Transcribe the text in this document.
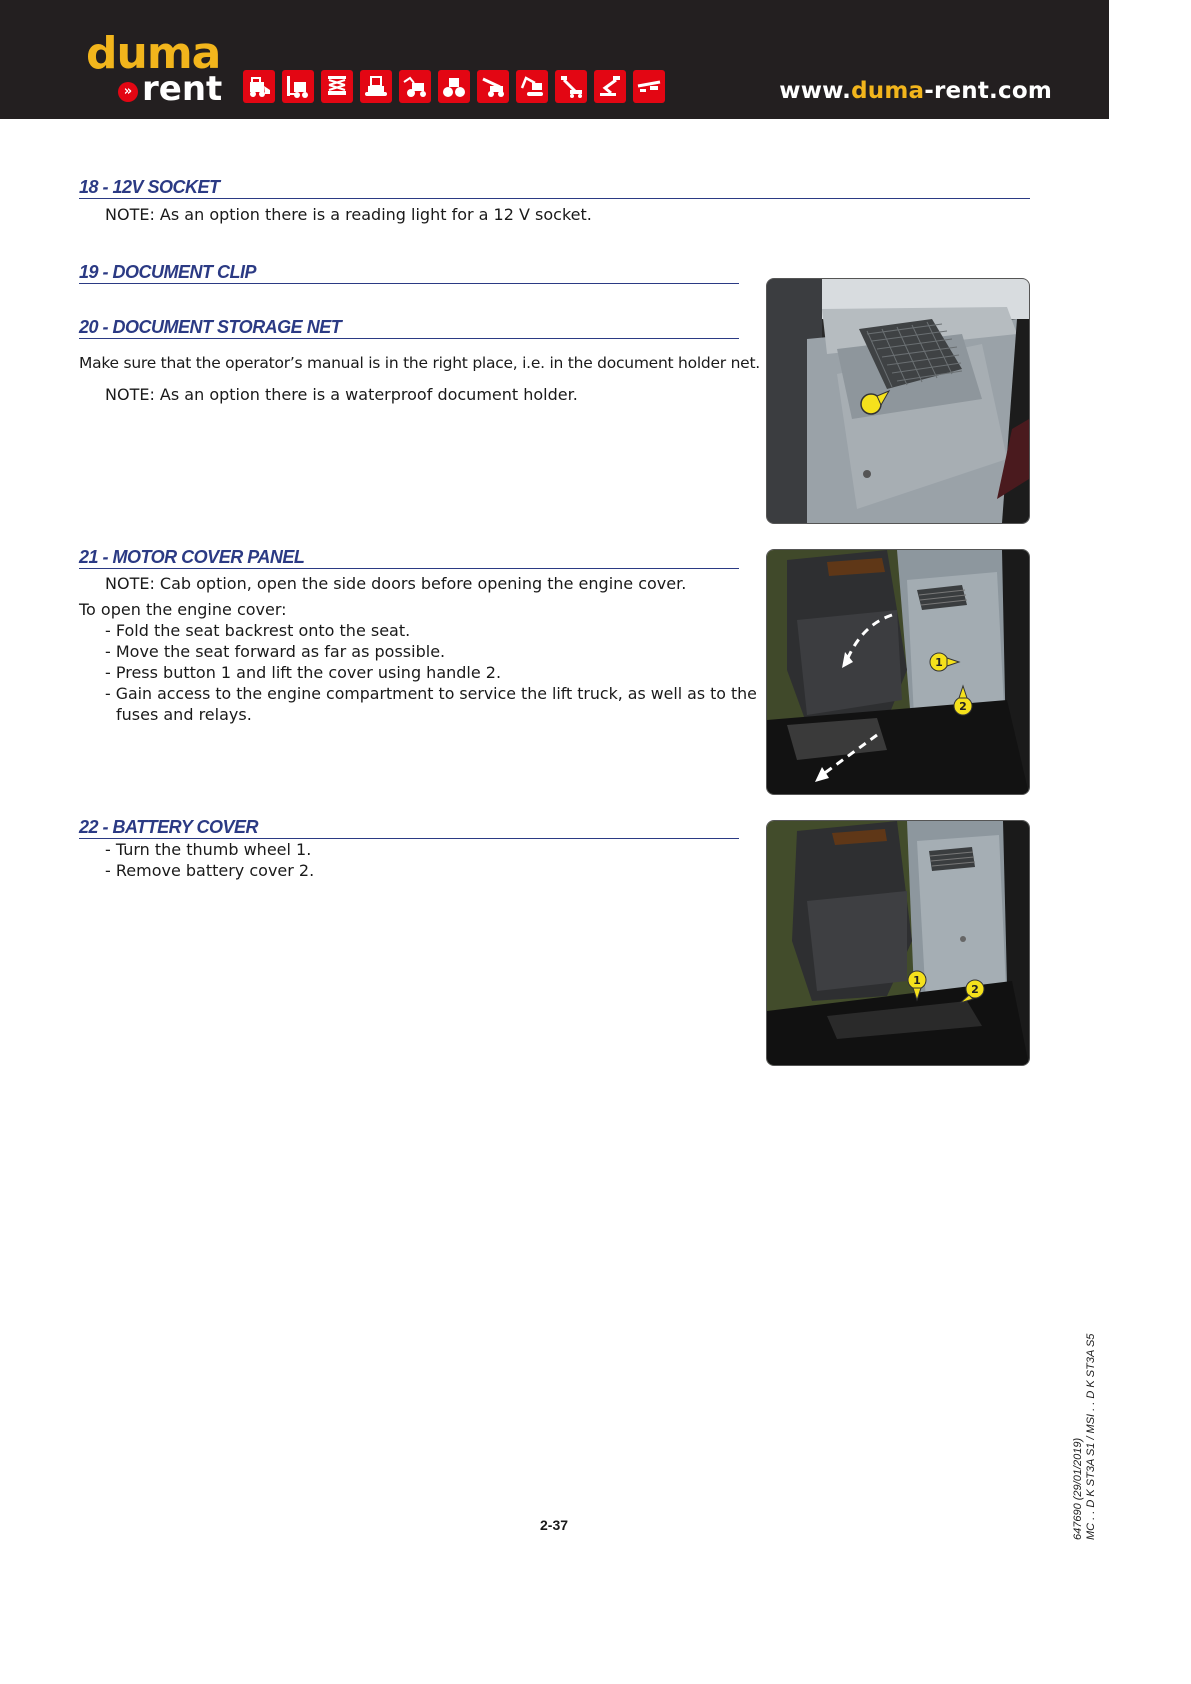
duma
» rent	www.duma-rent.com
18 - 12V SOCKET
NOTE: As an option there is a reading light for a 12 V socket.
19 - DOCUMENT CLIP
20 - DOCUMENT STORAGE NET
Make sure that the operator’s manual is in the right place, i.e. in the document holder net.
NOTE: As an option there is a waterproof document holder.
21 - MOTOR COVER PANEL
NOTE: Cab option, open the side doors before opening the engine cover.
To open the engine cover:
- Fold the seat backrest onto the seat.
- Move the seat forward as far as possible.
- Press button 1 and lift the cover using handle 2.
- Gain access to the engine compartment to service the lift truck, as well as to the
fuses and relays.
1
2
22 - BATTERY COVER
- Turn the thumb wheel 1.
- Remove battery cover 2.
1
2
2-37	647690 (29/01/2019) MC . . D K ST3A S1 / MSI . . D K ST3A S5
